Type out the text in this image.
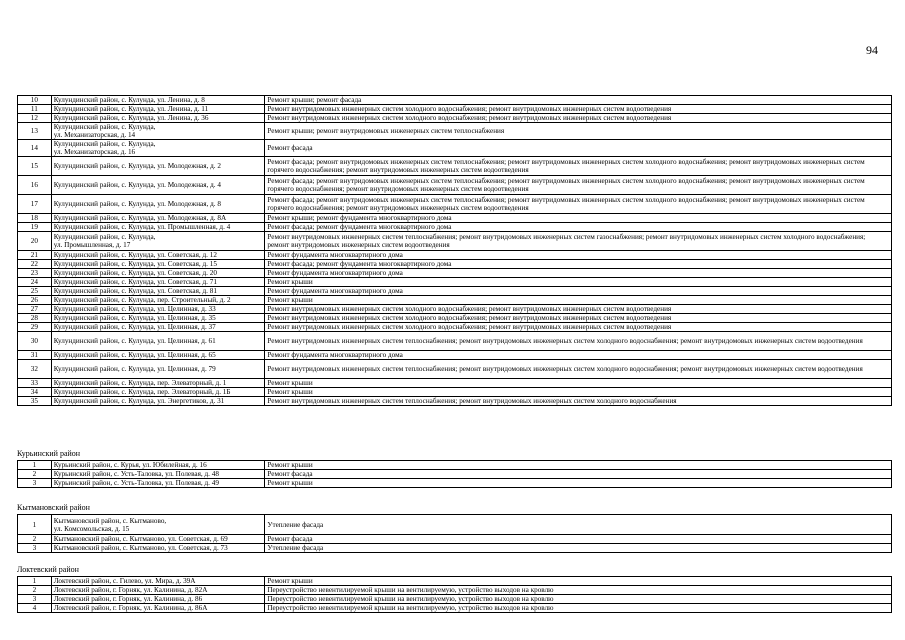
94
10	Кулундинский район, с. Кулунда, ул. Ленина, д. 8	Ремонт крыши; ремонт фасада
11	Кулундинский район, с. Кулунда, ул. Ленина, д. 11	Ремонт внутридомовых инженерных систем холодного водоснабжения; ремонт внутридомовых инженерных систем водоотведения
12	Кулундинский район, с. Кулунда, ул. Ленина, д. 36	Ремонт внутридомовых инженерных систем холодного водоснабжения; ремонт внутридомовых инженерных систем водоотведения
13	Кулундинский район, с. Кулунда,
ул. Механизаторская, д. 14	Ремонт крыши; ремонт внутридомовых инженерных систем теплоснабжения
14	Кулундинский район, с. Кулунда,
ул. Механизаторская, д. 16	Ремонт фасада
15	Кулундинский район, с. Кулунда, ул. Молодежная, д. 2	Ремонт фасада; ремонт внутридомовых инженерных систем теплоснабжения; ремонт внутридомовых инженерных систем холодного водоснабжения; ремонт внутридомовых инженерных систем горячего водоснабжения; ремонт внутридомовых инженерных систем водоотведения
16	Кулундинский район, с. Кулунда, ул. Молодежная, д. 4	Ремонт фасада; ремонт внутридомовых инженерных систем теплоснабжения; ремонт внутридомовых инженерных систем холодного водоснабжения; ремонт внутридомовых инженерных систем горячего водоснабжения; ремонт внутридомовых инженерных систем водоотведения
17	Кулундинский район, с. Кулунда, ул. Молодежная, д. 8	Ремонт фасада; ремонт внутридомовых инженерных систем теплоснабжения; ремонт внутридомовых инженерных систем холодного водоснабжения; ремонт внутридомовых инженерных систем горячего водоснабжения; ремонт внутридомовых инженерных систем водоотведения
18	Кулундинский район, с. Кулунда, ул. Молодежная, д. 8А	Ремонт крыши; ремонт фундамента многоквартирного дома
19	Кулундинский район, с. Кулунда, ул. Промышленная, д. 4	Ремонт фасада; ремонт фундамента многоквартирного дома
20	Кулундинский район, с. Кулунда,
ул. Промышленная, д. 17	Ремонт внутридомовых инженерных систем теплоснабжения; ремонт внутридомовых инженерных систем газоснабжения; ремонт внутридомовых инженерных систем холодного водоснабжения; ремонт внутридомовых инженерных систем водоотведения
21	Кулундинский район, с. Кулунда, ул. Советская, д. 12	Ремонт фундамента многоквартирного дома
22	Кулундинский район, с. Кулунда, ул. Советская, д. 15	Ремонт фасада; ремонт фундамента многоквартирного дома
23	Кулундинский район, с. Кулунда, ул. Советская, д. 20	Ремонт фундамента многоквартирного дома
24	Кулундинский район, с. Кулунда, ул. Советская, д. 71	Ремонт крыши
25	Кулундинский район, с. Кулунда, ул. Советская, д. 81	Ремонт фундамента многоквартирного дома
26	Кулундинский район, с. Кулунда, пер. Строительный, д. 2	Ремонт крыши
27	Кулундинский район, с. Кулунда, ул. Целинная, д. 33	Ремонт внутридомовых инженерных систем холодного водоснабжения; ремонт внутридомовых инженерных систем водоотведения
28	Кулундинский район, с. Кулунда, ул. Целинная, д. 35	Ремонт внутридомовых инженерных систем холодного водоснабжения; ремонт внутридомовых инженерных систем водоотведения
29	Кулундинский район, с. Кулунда, ул. Целинная, д. 37	Ремонт внутридомовых инженерных систем холодного водоснабжения; ремонт внутридомовых инженерных систем водоотведения
30	Кулундинский район, с. Кулунда, ул. Целинная, д. 61	Ремонт внутридомовых инженерных систем теплоснабжения; ремонт внутридомовых инженерных систем холодного водоснабжения; ремонт внутридомовых инженерных систем водоотведения
31	Кулундинский район, с. Кулунда, ул. Целинная, д. 65	Ремонт фундамента многоквартирного дома
32	Кулундинский район, с. Кулунда, ул. Целинная, д. 79	Ремонт внутридомовых инженерных систем теплоснабжения; ремонт внутридомовых инженерных систем холодного водоснабжения; ремонт внутридомовых инженерных систем водоотведения
33	Кулундинский район, с. Кулунда, пер. Элеваторный, д. 1	Ремонт крыши
34	Кулундинский район, с. Кулунда, пер. Элеваторный, д. 1Б	Ремонт крыши
35	Кулундинский район, с. Кулунда, ул. Энергетиков, д. 31	Ремонт внутридомовых инженерных систем теплоснабжения; ремонт внутридомовых инженерных систем холодного водоснабжения
Курьинский район
1	Курьинский район, с. Курья, ул. Юбилейная, д. 16	Ремонт крыши
2	Курьинский район, с. Усть-Таловка, ул. Полевая, д. 48	Ремонт фасада
3	Курьинский район, с. Усть-Таловка, ул. Полевая, д. 49	Ремонт крыши
Кытмановский район
1	Кытмановский район, с. Кытманово,
ул. Комсомольская, д. 15	Утепление фасада
2	Кытмановский район, с. Кытманово, ул. Советская, д. 69	Ремонт фасада
3	Кытмановский район, с. Кытманово, ул. Советская, д. 73	Утепление фасада
Локтевский район
1	Локтевский район, с. Гилево, ул. Мира, д. 39А	Ремонт крыши
2	Локтевский район, г. Горняк, ул. Калинина, д. 82А	Переустройство невентилируемой крыши на вентилируемую, устройство выходов на кровлю
3	Локтевский район, г. Горняк, ул. Калинина, д. 86	Переустройство невентилируемой крыши на вентилируемую, устройство выходов на кровлю
4	Локтевский район, г. Горняк, ул. Калинина, д. 86А	Переустройство невентилируемой крыши на вентилируемую, устройство выходов на кровлю
